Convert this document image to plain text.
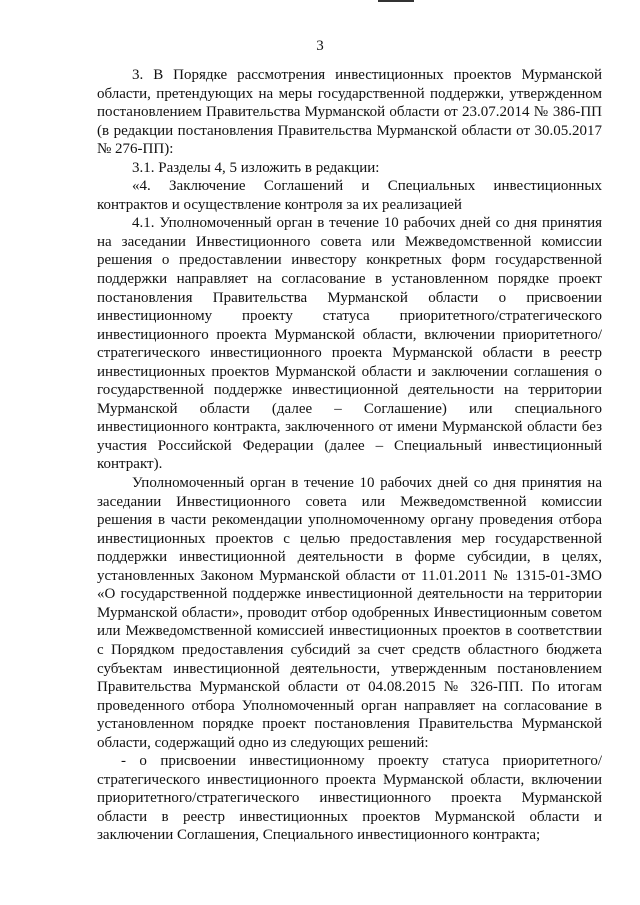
3

3. В Порядке рассмотрения инвестиционных проектов Мурманской области, претендующих на меры государственной поддержки, утвержденном постановлением Правительства Мурманской области от 23.07.2014 № 386-ПП (в редакции постановления Правительства Мурманской области от 30.05.2017 № 276-ПП):

3.1. Разделы 4, 5 изложить в редакции:

«4. Заключение Соглашений и Специальных инвестиционных контрактов и осуществление контроля за их реализацией

4.1. Уполномоченный орган в течение 10 рабочих дней со дня принятия на заседании Инвестиционного совета или Межведомственной комиссии решения о предоставлении инвестору конкретных форм государственной поддержки направляет на согласование в установленном порядке проект постановления Правительства Мурманской области о присвоении инвестиционному проекту статуса приоритетного/стратегического инвестиционного проекта Мурманской области, включении приоритетного/стратегического инвестиционного проекта Мурманской области в реестр инвестиционных проектов Мурманской области и заключении соглашения о государственной поддержке инвестиционной деятельности на территории Мурманской области (далее – Соглашение) или специального инвестиционного контракта, заключенного от имени Мурманской области без участия Российской Федерации (далее – Специальный инвестиционный контракт).

Уполномоченный орган в течение 10 рабочих дней со дня принятия на заседании Инвестиционного совета или Межведомственной комиссии решения в части рекомендации уполномоченному органу проведения отбора инвестиционных проектов с целью предоставления мер государственной поддержки инвестиционной деятельности в форме субсидии, в целях, установленных Законом Мурманской области от 11.01.2011 № 1315-01-ЗМО «О государственной поддержке инвестиционной деятельности на территории Мурманской области», проводит отбор одобренных Инвестиционным советом или Межведомственной комиссией инвестиционных проектов в соответствии с Порядком предоставления субсидий за счет средств областного бюджета субъектам инвестиционной деятельности, утвержденным постановлением Правительства Мурманской области от 04.08.2015 № 326-ПП. По итогам проведенного отбора Уполномоченный орган направляет на согласование в установленном порядке проект постановления Правительства Мурманской области, содержащий одно из следующих решений:

- о присвоении инвестиционному проекту статуса приоритетного/стратегического инвестиционного проекта Мурманской области, включении приоритетного/стратегического инвестиционного проекта Мурманской области в реестр инвестиционных проектов Мурманской области и заключении Соглашения, Специального инвестиционного контракта;
